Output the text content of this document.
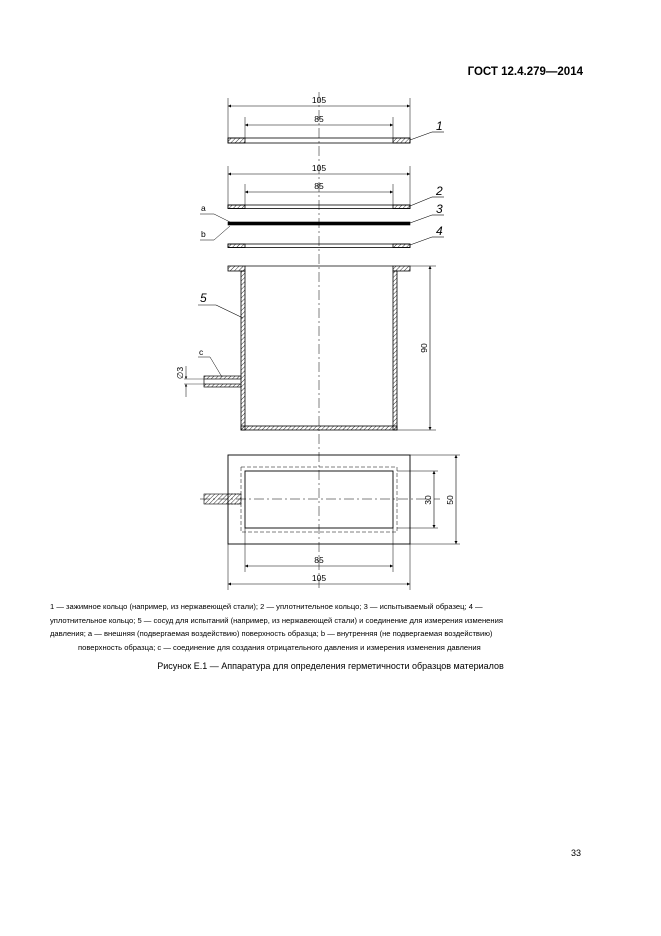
ГОСТ 12.4.279—2014
105
85	1
105
85	2
3
a
b	4
∅3
c
5
90
30 50
85
105

1 — зажимное кольцо (например, из нержавеющей стали); 2 — уплотнительное кольцо; 3 — испытываемый образец; 4 —

уплотнительное кольцо; 5 — сосуд для испытаний (например, из нержавеющей стали) и соединение для измерения изменения

давления; a — внешняя (подвергаемая воздействию) поверхность образца; b — внутренняя (не подвергаемая воздействию)

поверхность образца; c — соединение для создания отрицательного давления и измерения изменения давления

Рисунок Е.1 — Аппаратура для определения герметичности образцов материалов
33
